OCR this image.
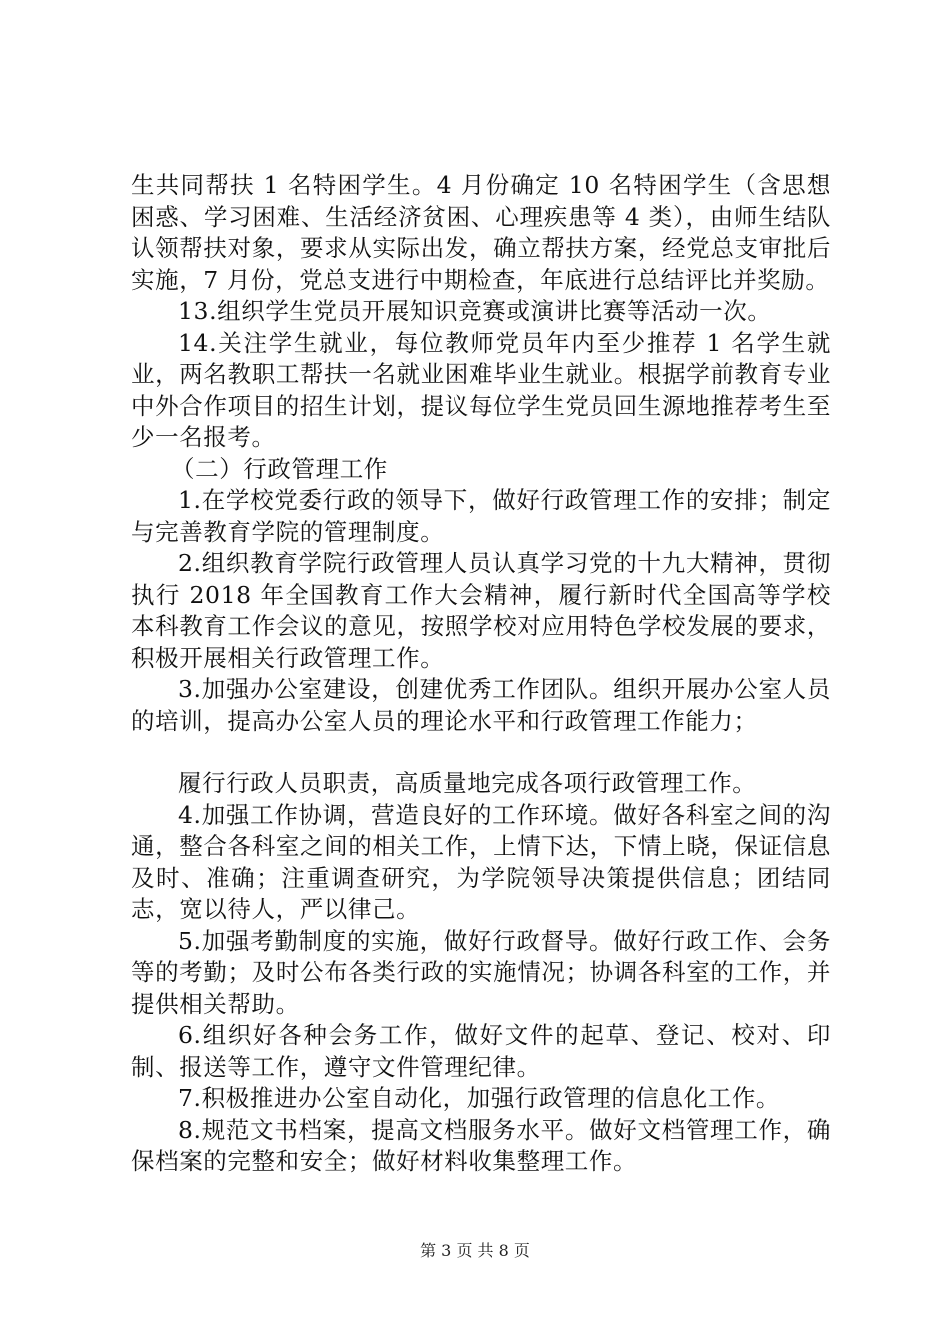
生共同帮扶 1 名特困学生。4 月份确定 10 名特困学生（含思想困惑、学习困难、生活经济贫困、心理疾患等 4 类），由师生结队认领帮扶对象，要求从实际出发，确立帮扶方案，经党总支审批后实施，7 月份，党总支进行中期检查，年底进行总结评比并奖励。

13.组织学生党员开展知识竞赛或演讲比赛等活动一次。

14.关注学生就业，每位教师党员年内至少推荐 1 名学生就业，两名教职工帮扶一名就业困难毕业生就业。根据学前教育专业中外合作项目的招生计划，提议每位学生党员回生源地推荐考生至少一名报考。

（二）行政管理工作

1.在学校党委行政的领导下，做好行政管理工作的安排；制定与完善教育学院的管理制度。

2.组织教育学院行政管理人员认真学习党的十九大精神，贯彻执行 2018 年全国教育工作大会精神，履行新时代全国高等学校本科教育工作会议的意见，按照学校对应用特色学校发展的要求，积极开展相关行政管理工作。

3.加强办公室建设，创建优秀工作团队。组织开展办公室人员的培训，提高办公室人员的理论水平和行政管理工作能力；

履行行政人员职责，高质量地完成各项行政管理工作。

4.加强工作协调，营造良好的工作环境。做好各科室之间的沟通，整合各科室之间的相关工作，上情下达，下情上晓，保证信息及时、准确；注重调查研究，为学院领导决策提供信息；团结同志，宽以待人，严以律己。

5.加强考勤制度的实施，做好行政督导。做好行政工作、会务等的考勤；及时公布各类行政的实施情况；协调各科室的工作，并提供相关帮助。

6.组织好各种会务工作，做好文件的起草、登记、校对、印制、报送等工作，遵守文件管理纪律。

7.积极推进办公室自动化，加强行政管理的信息化工作。

8.规范文书档案，提高文档服务水平。做好文档管理工作，确保档案的完整和安全；做好材料收集整理工作。

第 3 页 共 8 页
